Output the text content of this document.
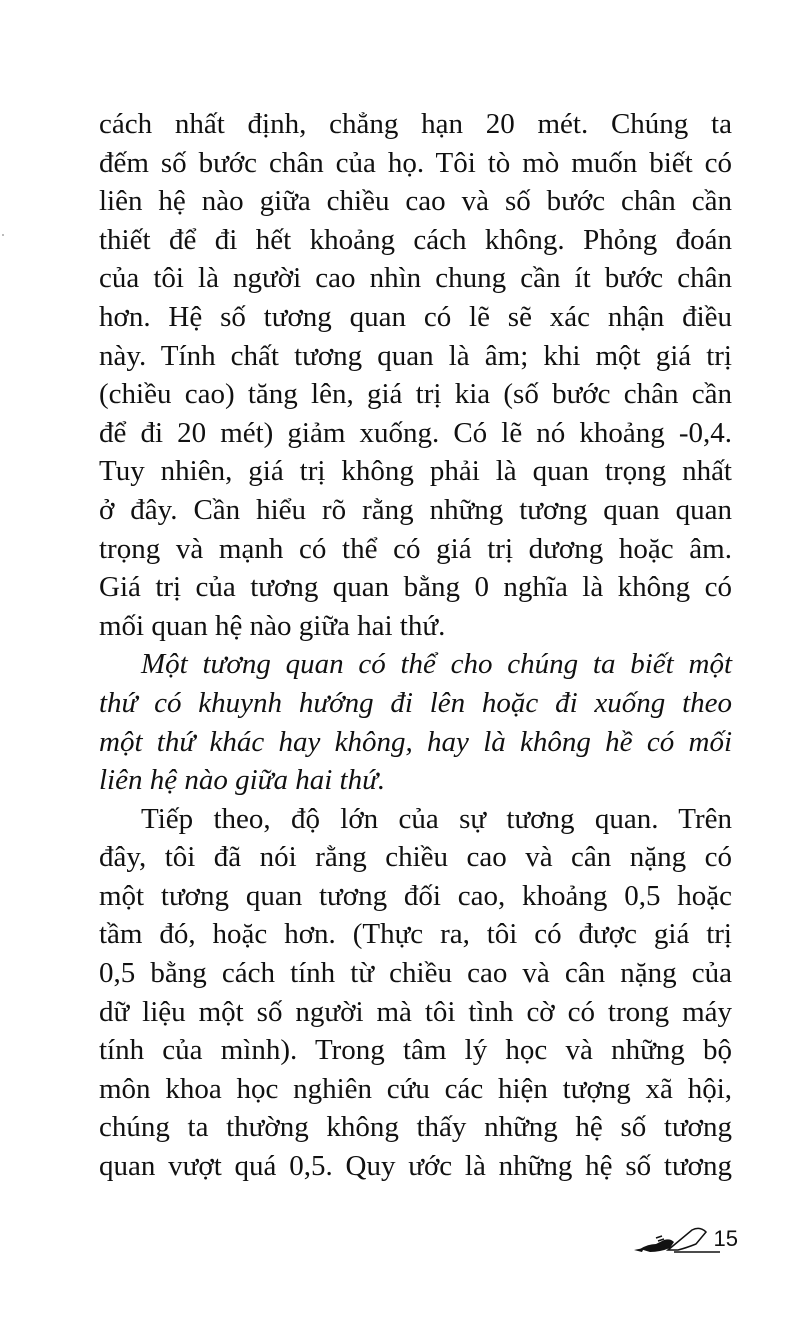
cách nhất định, chẳng hạn 20 mét. Chúng ta
đếm số bước chân của họ. Tôi tò mò muốn biết có
liên hệ nào giữa chiều cao và số bước chân cần
thiết để đi hết khoảng cách không. Phỏng đoán
của tôi là người cao nhìn chung cần ít bước chân
hơn. Hệ số tương quan có lẽ sẽ xác nhận điều
này. Tính chất tương quan là âm; khi một giá trị
(chiều cao) tăng lên, giá trị kia (số bước chân cần
để đi 20 mét) giảm xuống. Có lẽ nó khoảng -0,4.
Tuy nhiên, giá trị không phải là quan trọng nhất
ở đây. Cần hiểu rõ rằng những tương quan quan
trọng và mạnh có thể có giá trị dương hoặc âm.
Giá trị của tương quan bằng 0 nghĩa là không có
mối quan hệ nào giữa hai thứ.
Một tương quan có thể cho chúng ta biết một
thứ có khuynh hướng đi lên hoặc đi xuống theo
một thứ khác hay không, hay là không hề có mối
liên hệ nào giữa hai thứ.
Tiếp theo, độ lớn của sự tương quan. Trên
đây, tôi đã nói rằng chiều cao và cân nặng có
một tương quan tương đối cao, khoảng 0,5 hoặc
tầm đó, hoặc hơn. (Thực ra, tôi có được giá trị
0,5 bằng cách tính từ chiều cao và cân nặng của
dữ liệu một số người mà tôi tình cờ có trong máy
tính của mình). Trong tâm lý học và những bộ
môn khoa học nghiên cứu các hiện tượng xã hội,
chúng ta thường không thấy những hệ số tương
quan vượt quá 0,5. Quy ước là những hệ số tương
15
